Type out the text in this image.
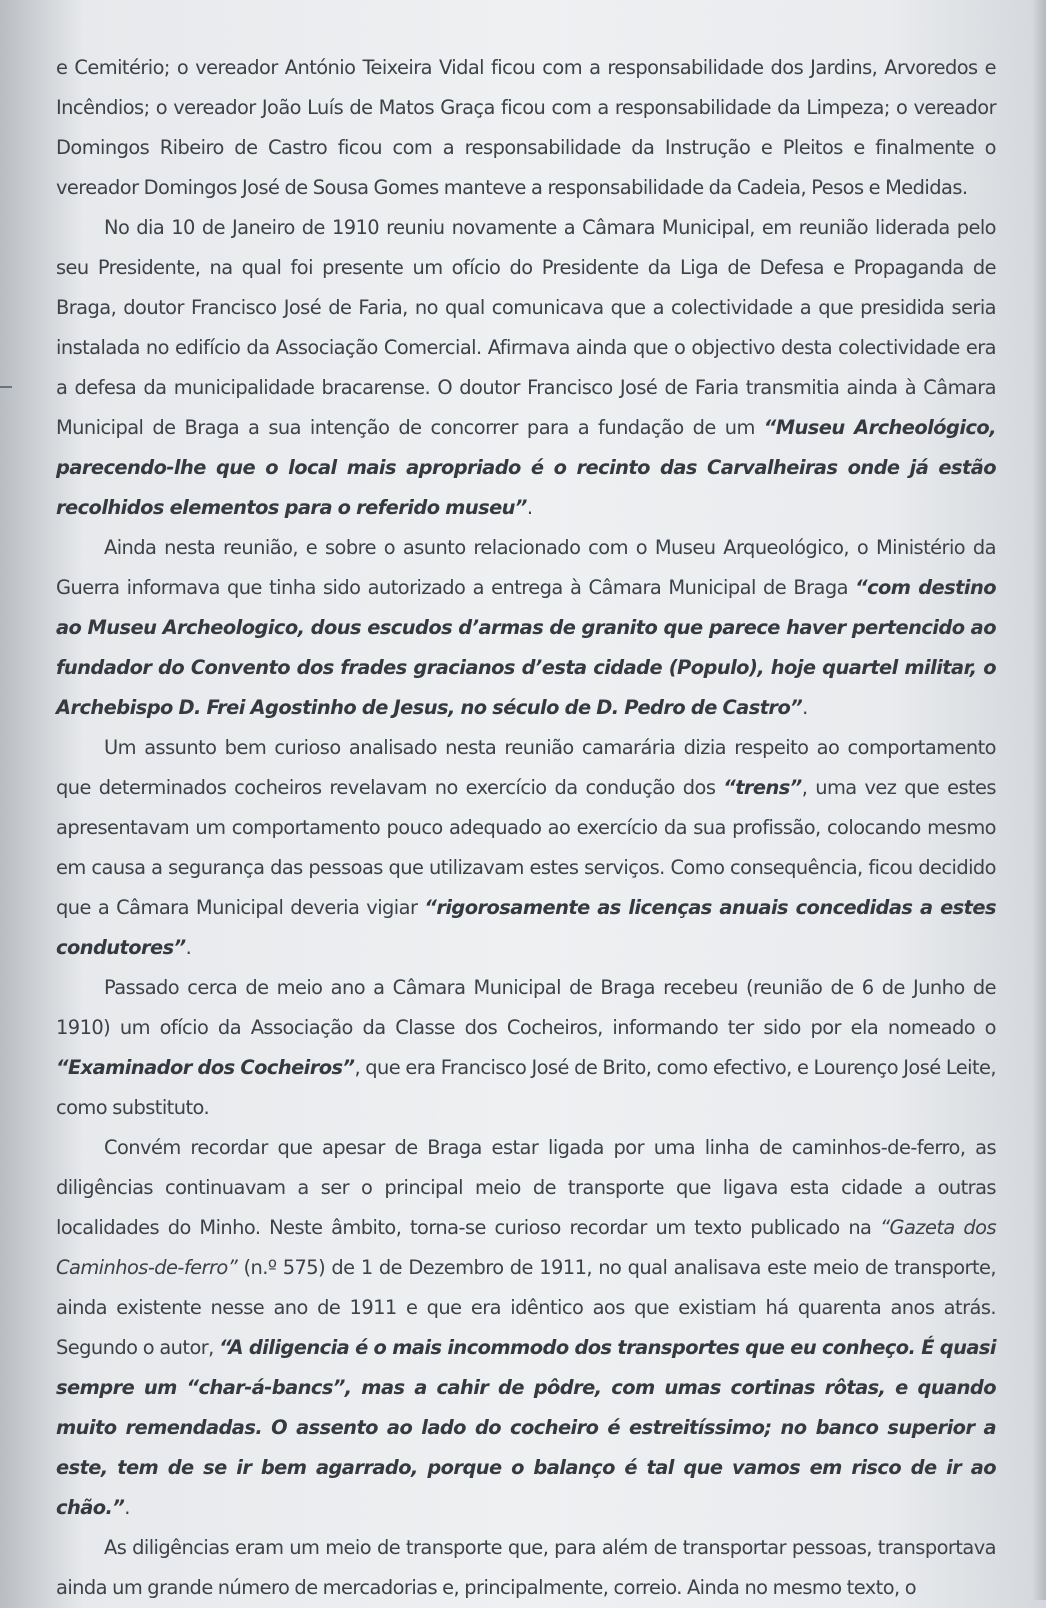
e Cemitério; o vereador António Teixeira Vidal ficou com a responsabilidade dos Jardins, Arvoredos e Incêndios; o vereador João Luís de Matos Graça ficou com a responsabilidade da Limpeza; o vereador Domingos Ribeiro de Castro ficou com a responsabilidade da Instrução e Pleitos e finalmente o vereador Domingos José de Sousa Gomes manteve a responsabilidade da Cadeia, Pesos e Medidas.

No dia 10 de Janeiro de 1910 reuniu novamente a Câmara Municipal, em reunião liderada pelo seu Presidente, na qual foi presente um ofício do Presidente da Liga de Defesa e Propaganda de Braga, doutor Francisco José de Faria, no qual comunicava que a colectividade a que presidida seria instalada no edifício da Associação Comercial. Afirmava ainda que o objectivo desta colectividade era a defesa da municipalidade bracarense. O doutor Francisco José de Faria transmitia ainda à Câmara Municipal de Braga a sua intenção de concorrer para a fundação de um “Museu Archeológico, parecendo-lhe que o local mais apropriado é o recinto das Carvalheiras onde já estão recolhidos elementos para o referido museu”.

Ainda nesta reunião, e sobre o asunto relacionado com o Museu Arqueológico, o Ministério da Guerra informava que tinha sido autorizado a entrega à Câmara Municipal de Braga “com destino ao Museu Archeologico, dous escudos d’armas de granito que parece haver pertencido ao fundador do Convento dos frades gracianos d’esta cidade (Populo), hoje quartel militar, o Archebispo D. Frei Agostinho de Jesus, no século de D. Pedro de Castro”.

Um assunto bem curioso analisado nesta reunião camarária dizia respeito ao comportamento que determinados cocheiros revelavam no exercício da condução dos “trens”, uma vez que estes apresentavam um comportamento pouco adequado ao exercício da sua profissão, colocando mesmo em causa a segurança das pessoas que utilizavam estes serviços. Como consequência, ficou decidido que a Câmara Municipal deveria vigiar “rigorosamente as licenças anuais concedidas a estes condutores”.

Passado cerca de meio ano a Câmara Municipal de Braga recebeu (reunião de 6 de Junho de 1910) um ofício da Associação da Classe dos Cocheiros, informando ter sido por ela nomeado o “Examinador dos Cocheiros”, que era Francisco José de Brito, como efectivo, e Lourenço José Leite, como substituto.

Convém recordar que apesar de Braga estar ligada por uma linha de caminhos-de-ferro, as diligências continuavam a ser o principal meio de transporte que ligava esta cidade a outras localidades do Minho. Neste âmbito, torna-se curioso recordar um texto publicado na “Gazeta dos Caminhos-de-ferro” (n.º 575) de 1 de Dezembro de 1911, no qual analisava este meio de transporte, ainda existente nesse ano de 1911 e que era idêntico aos que existiam há quarenta anos atrás. Segundo o autor, “A diligencia é o mais incommodo dos transportes que eu conheço. É quasi sempre um “char-á-bancs”, mas a cahir de pôdre, com umas cortinas rôtas, e quando muito remendadas. O assento ao lado do cocheiro é estreitíssimo; no banco superior a este, tem de se ir bem agarrado, porque o balanço é tal que vamos em risco de ir ao chão.”.

As diligências eram um meio de transporte que, para além de transportar pessoas, transportava ainda um grande número de mercadorias e, principalmente, correio. Ainda no mesmo texto, o
